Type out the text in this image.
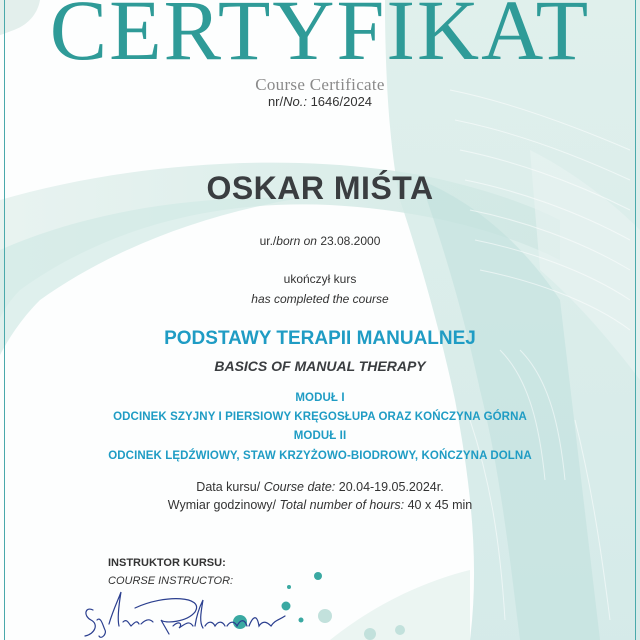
CERTYFIKAT
Course Certificate
nr/No.: 1646/2024
OSKAR MIŚTA
ur./born on 23.08.2000
ukończył kurs
has completed the course
PODSTAWY TERAPII MANUALNEJ
BASICS OF MANUAL THERAPY
MODUŁ I
ODCINEK SZYJNY I PIERSIOWY KRĘGOSŁUPA ORAZ KOŃCZYNA GÓRNA
MODUŁ II
ODCINEK LĘDŹWIOWY, STAW KRZYŻOWO-BIODROWY, KOŃCZYNA DOLNA
Data kursu/ Course date: 20.04-19.05.2024r.
Wymiar godzinowy/ Total number of hours: 40 x 45 min
INSTRUKTOR KURSU:
COURSE INSTRUCTOR:
